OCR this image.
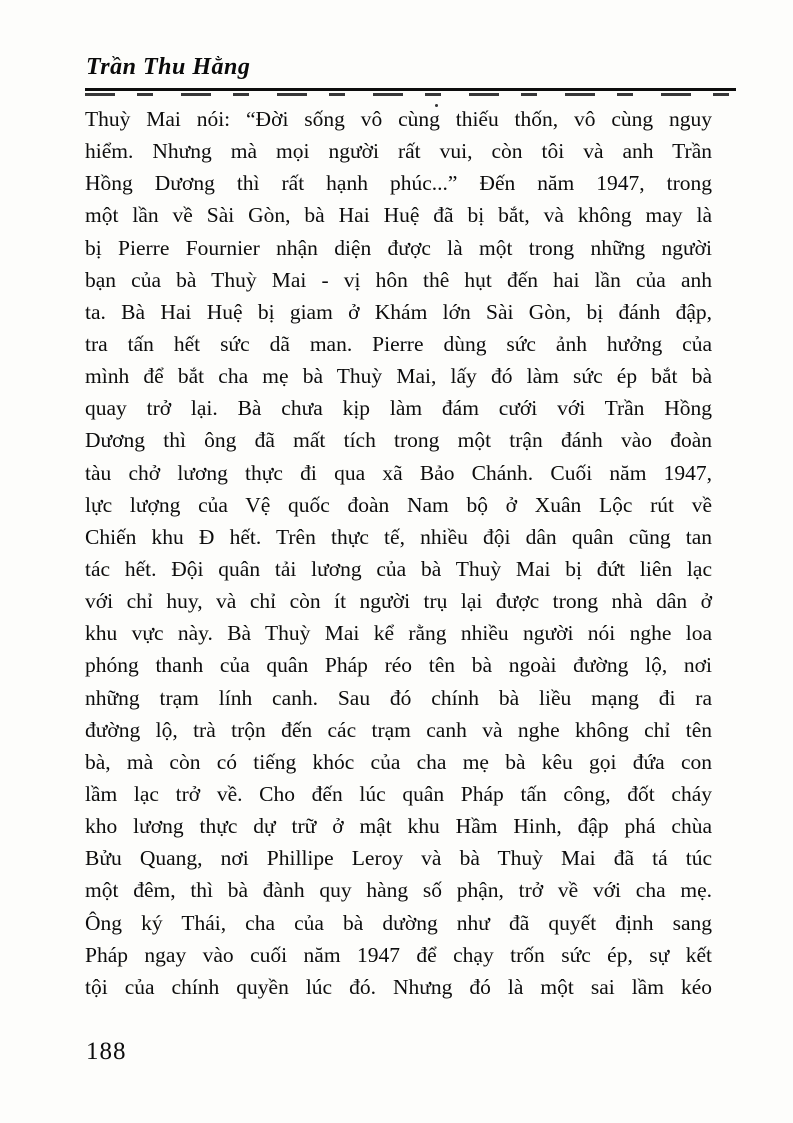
Trần Thu Hằng
Thuỳ Mai nói: “Đời sống vô cùng thiếu thốn, vô cùng nguy
hiểm. Nhưng mà mọi người rất vui, còn tôi và anh Trần
Hồng Dương thì rất hạnh phúc...” Đến năm 1947, trong
một lần về Sài Gòn, bà Hai Huệ đã bị bắt, và không may là
bị Pierre Fournier nhận diện được là một trong những người
bạn của bà Thuỳ Mai - vị hôn thê hụt đến hai lần của anh
ta. Bà Hai Huệ bị giam ở Khám lớn Sài Gòn, bị đánh đập,
tra tấn hết sức dã man. Pierre dùng sức ảnh hưởng của
mình để bắt cha mẹ bà Thuỳ Mai, lấy đó làm sức ép bắt bà
quay trở lại. Bà chưa kịp làm đám cưới với Trần Hồng
Dương thì ông đã mất tích trong một trận đánh vào đoàn
tàu chở lương thực đi qua xã Bảo Chánh. Cuối năm 1947,
lực lượng của Vệ quốc đoàn Nam bộ ở Xuân Lộc rút về
Chiến khu Đ hết. Trên thực tế, nhiều đội dân quân cũng tan
tác hết. Đội quân tải lương của bà Thuỳ Mai bị đứt liên lạc
với chỉ huy, và chỉ còn ít người trụ lại được trong nhà dân ở
khu vực này. Bà Thuỳ Mai kể rằng nhiều người nói nghe loa
phóng thanh của quân Pháp réo tên bà ngoài đường lộ, nơi
những trạm lính canh. Sau đó chính bà liều mạng đi ra
đường lộ, trà trộn đến các trạm canh và nghe không chỉ tên
bà, mà còn có tiếng khóc của cha mẹ bà kêu gọi đứa con
lầm lạc trở về. Cho đến lúc quân Pháp tấn công, đốt cháy
kho lương thực dự trữ ở mật khu Hầm Hinh, đập phá chùa
Bửu Quang, nơi Phillipe Leroy và bà Thuỳ Mai đã tá túc
một đêm, thì bà đành quy hàng số phận, trở về với cha mẹ.
Ông ký Thái, cha của bà dường như đã quyết định sang
Pháp ngay vào cuối năm 1947 để chạy trốn sức ép, sự kết
tội của chính quyền lúc đó. Nhưng đó là một sai lầm kéo
188
